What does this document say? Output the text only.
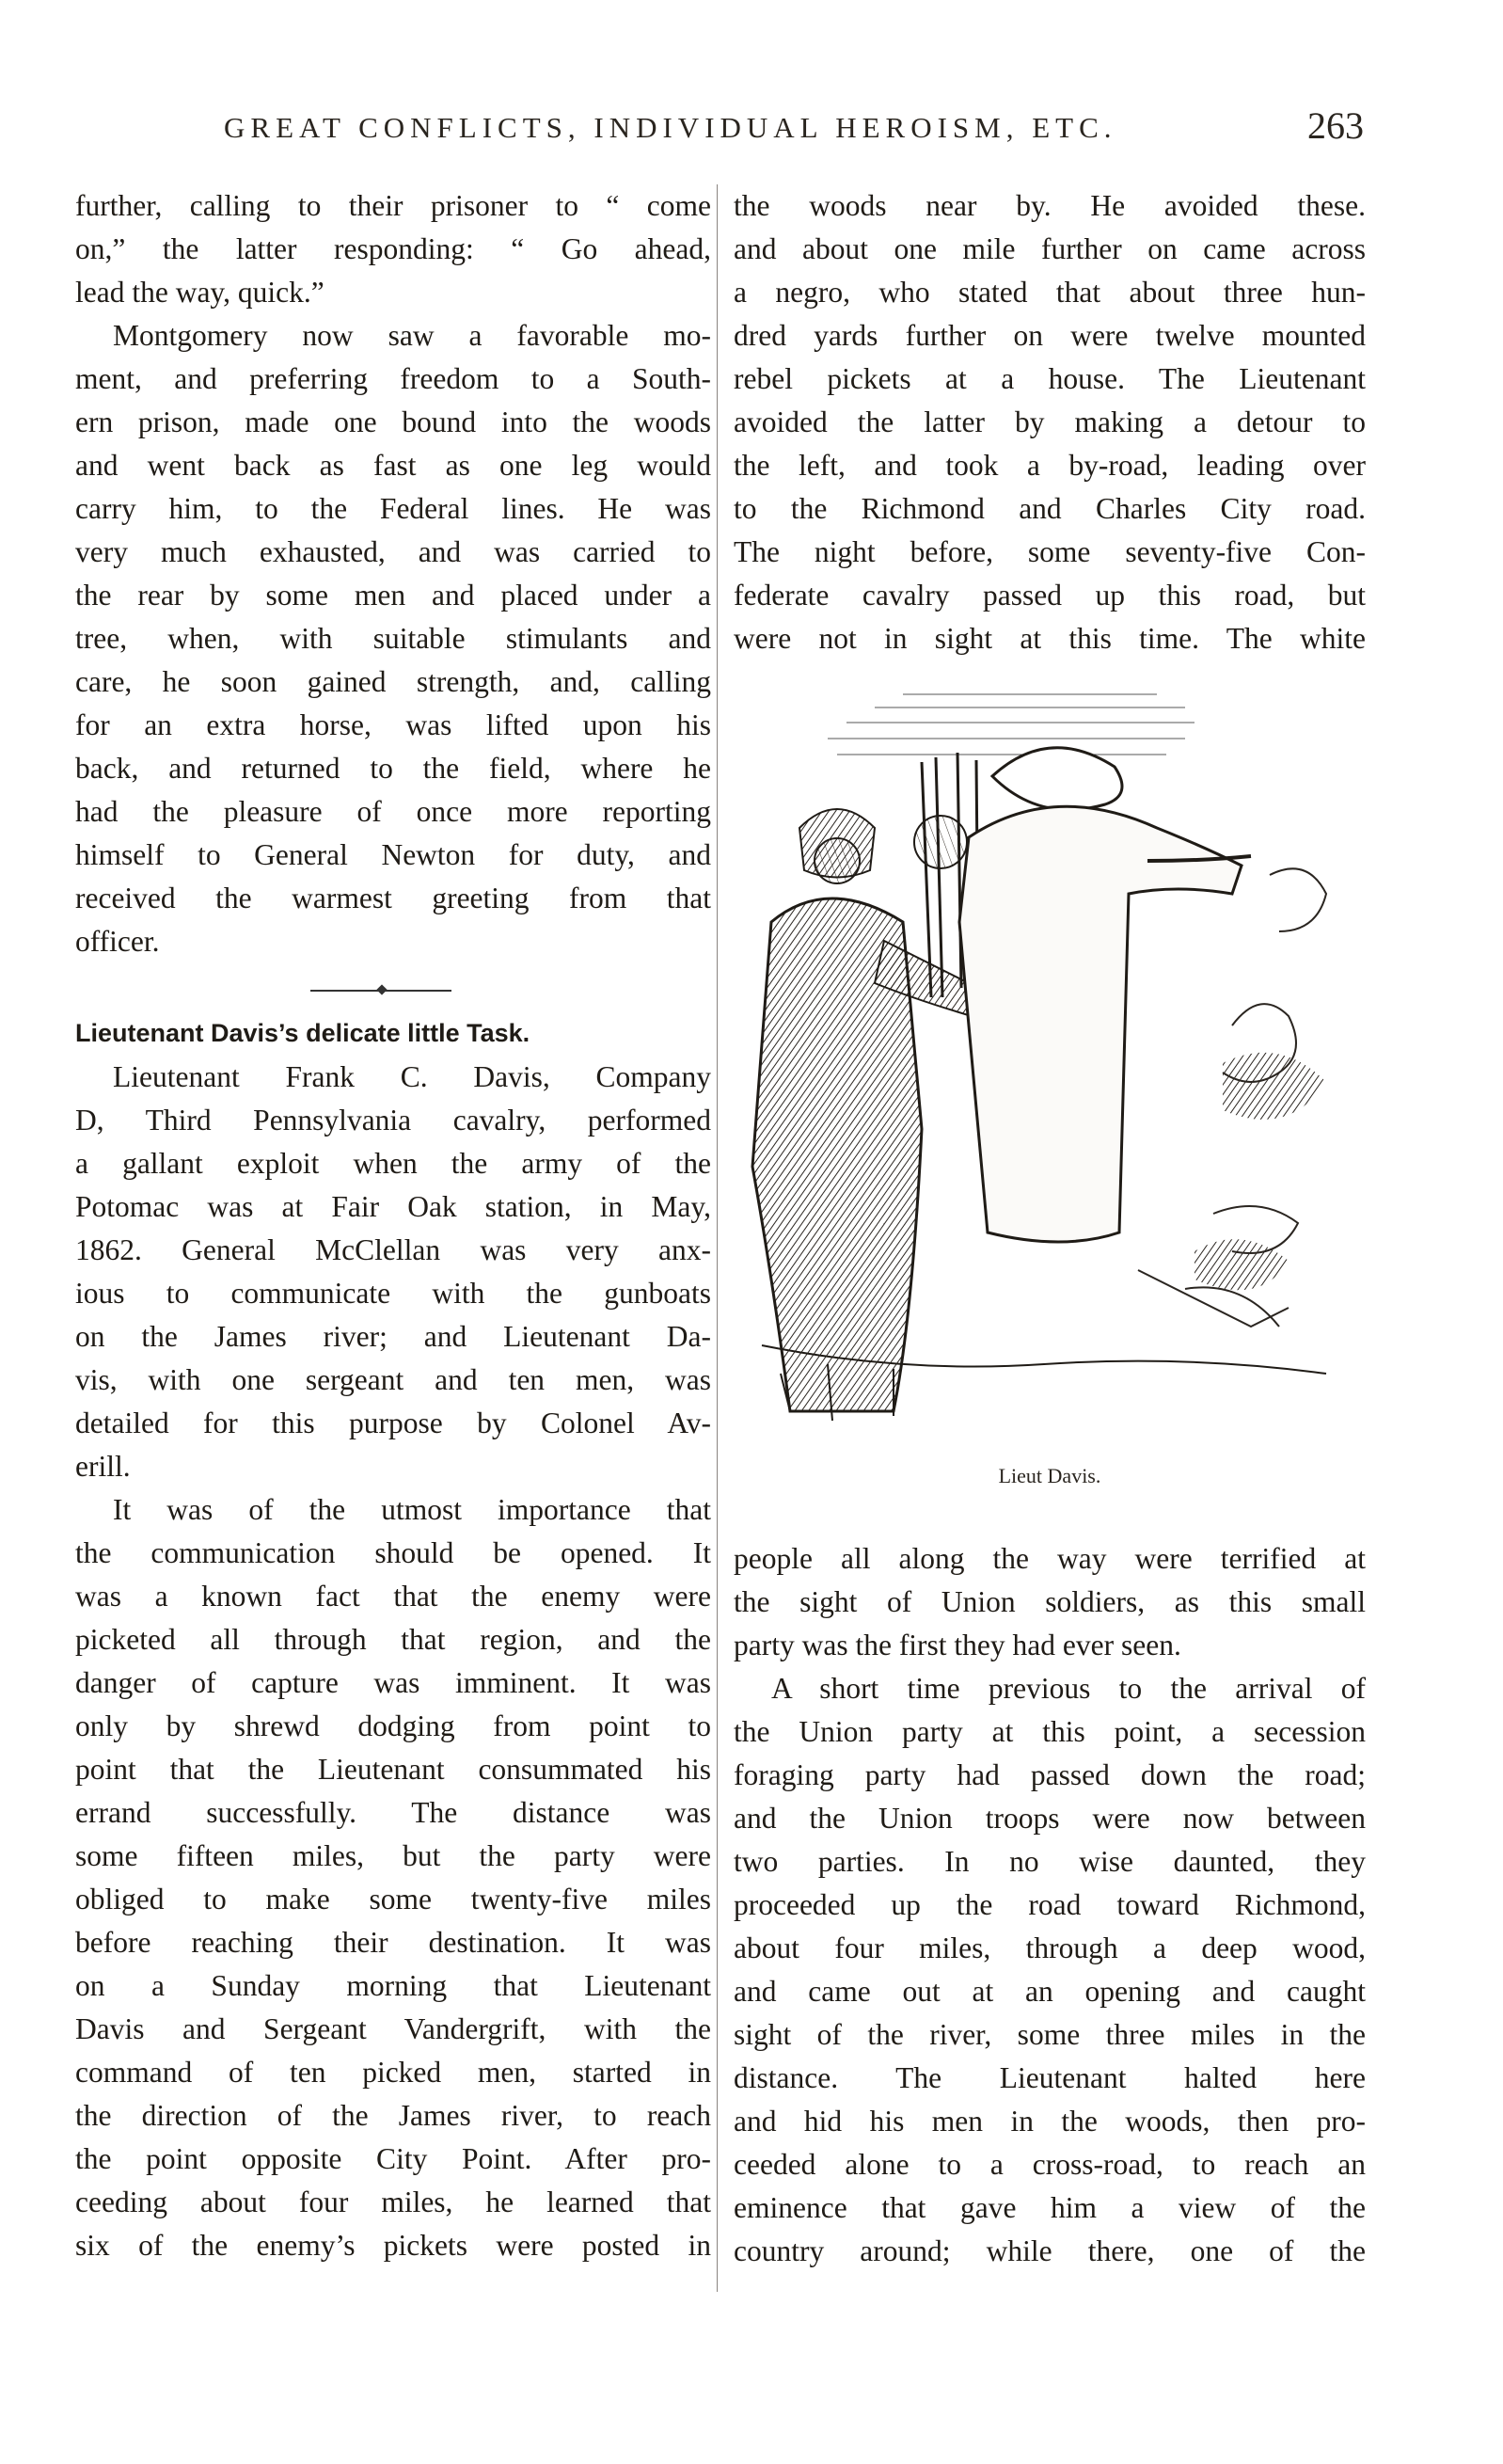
GREAT CONFLICTS, INDIVIDUAL HEROISM, ETC.	263
further, calling to their prisoner to “ come
on,” the latter responding: “ Go ahead,
lead the way, quick.”
Montgomery now saw a favorable mo-
ment, and preferring freedom to a South-
ern prison, made one bound into the woods
and went back as fast as one leg would
carry him, to the Federal lines. He was
very much exhausted, and was carried to
the rear by some men and placed under a
tree, when, with suitable stimulants and
care, he soon gained strength, and, calling
for an extra horse, was lifted upon his
back, and returned to the field, where he
had the pleasure of once more reporting
himself to General Newton for duty, and
received the warmest greeting from that
officer.
Lieutenant Davis’s delicate little Task.
Lieutenant Frank C. Davis, Company
D, Third Pennsylvania cavalry, performed
a gallant exploit when the army of the
Potomac was at Fair Oak station, in May,
1862. General McClellan was very anx-
ious to communicate with the gunboats
on the James river; and Lieutenant Da-
vis, with one sergeant and ten men, was
detailed for this purpose by Colonel Av-
erill.
It was of the utmost importance that
the communication should be opened. It
was a known fact that the enemy were
picketed all through that region, and the
danger of capture was imminent. It was
only by shrewd dodging from point to
point that the Lieutenant consummated his
errand successfully. The distance was
some fifteen miles, but the party were
obliged to make some twenty-five miles
before reaching their destination. It was
on a Sunday morning that Lieutenant
Davis and Sergeant Vandergrift, with the
command of ten picked men, started in
the direction of the James river, to reach
the point opposite City Point. After pro-
ceeding about four miles, he learned that
six of the enemy’s pickets were posted in
the woods near by. He avoided these.
and about one mile further on came across
a negro, who stated that about three hun-
dred yards further on were twelve mounted
rebel pickets at a house. The Lieutenant
avoided the latter by making a detour to
the left, and took a by-road, leading over
to the Richmond and Charles City road.
The night before, some seventy-five Con-
federate cavalry passed up this road, but
were not in sight at this time. The white
Lieut Davis.
people all along the way were terrified at
the sight of Union soldiers, as this small
party was the first they had ever seen.
A short time previous to the arrival of
the Union party at this point, a secession
foraging party had passed down the road;
and the Union troops were now between
two parties. In no wise daunted, they
proceeded up the road toward Richmond,
about four miles, through a deep wood,
and came out at an opening and caught
sight of the river, some three miles in the
distance. The Lieutenant halted here
and hid his men in the woods, then pro-
ceeded alone to a cross-road, to reach an
eminence that gave him a view of the
country around; while there, one of the
